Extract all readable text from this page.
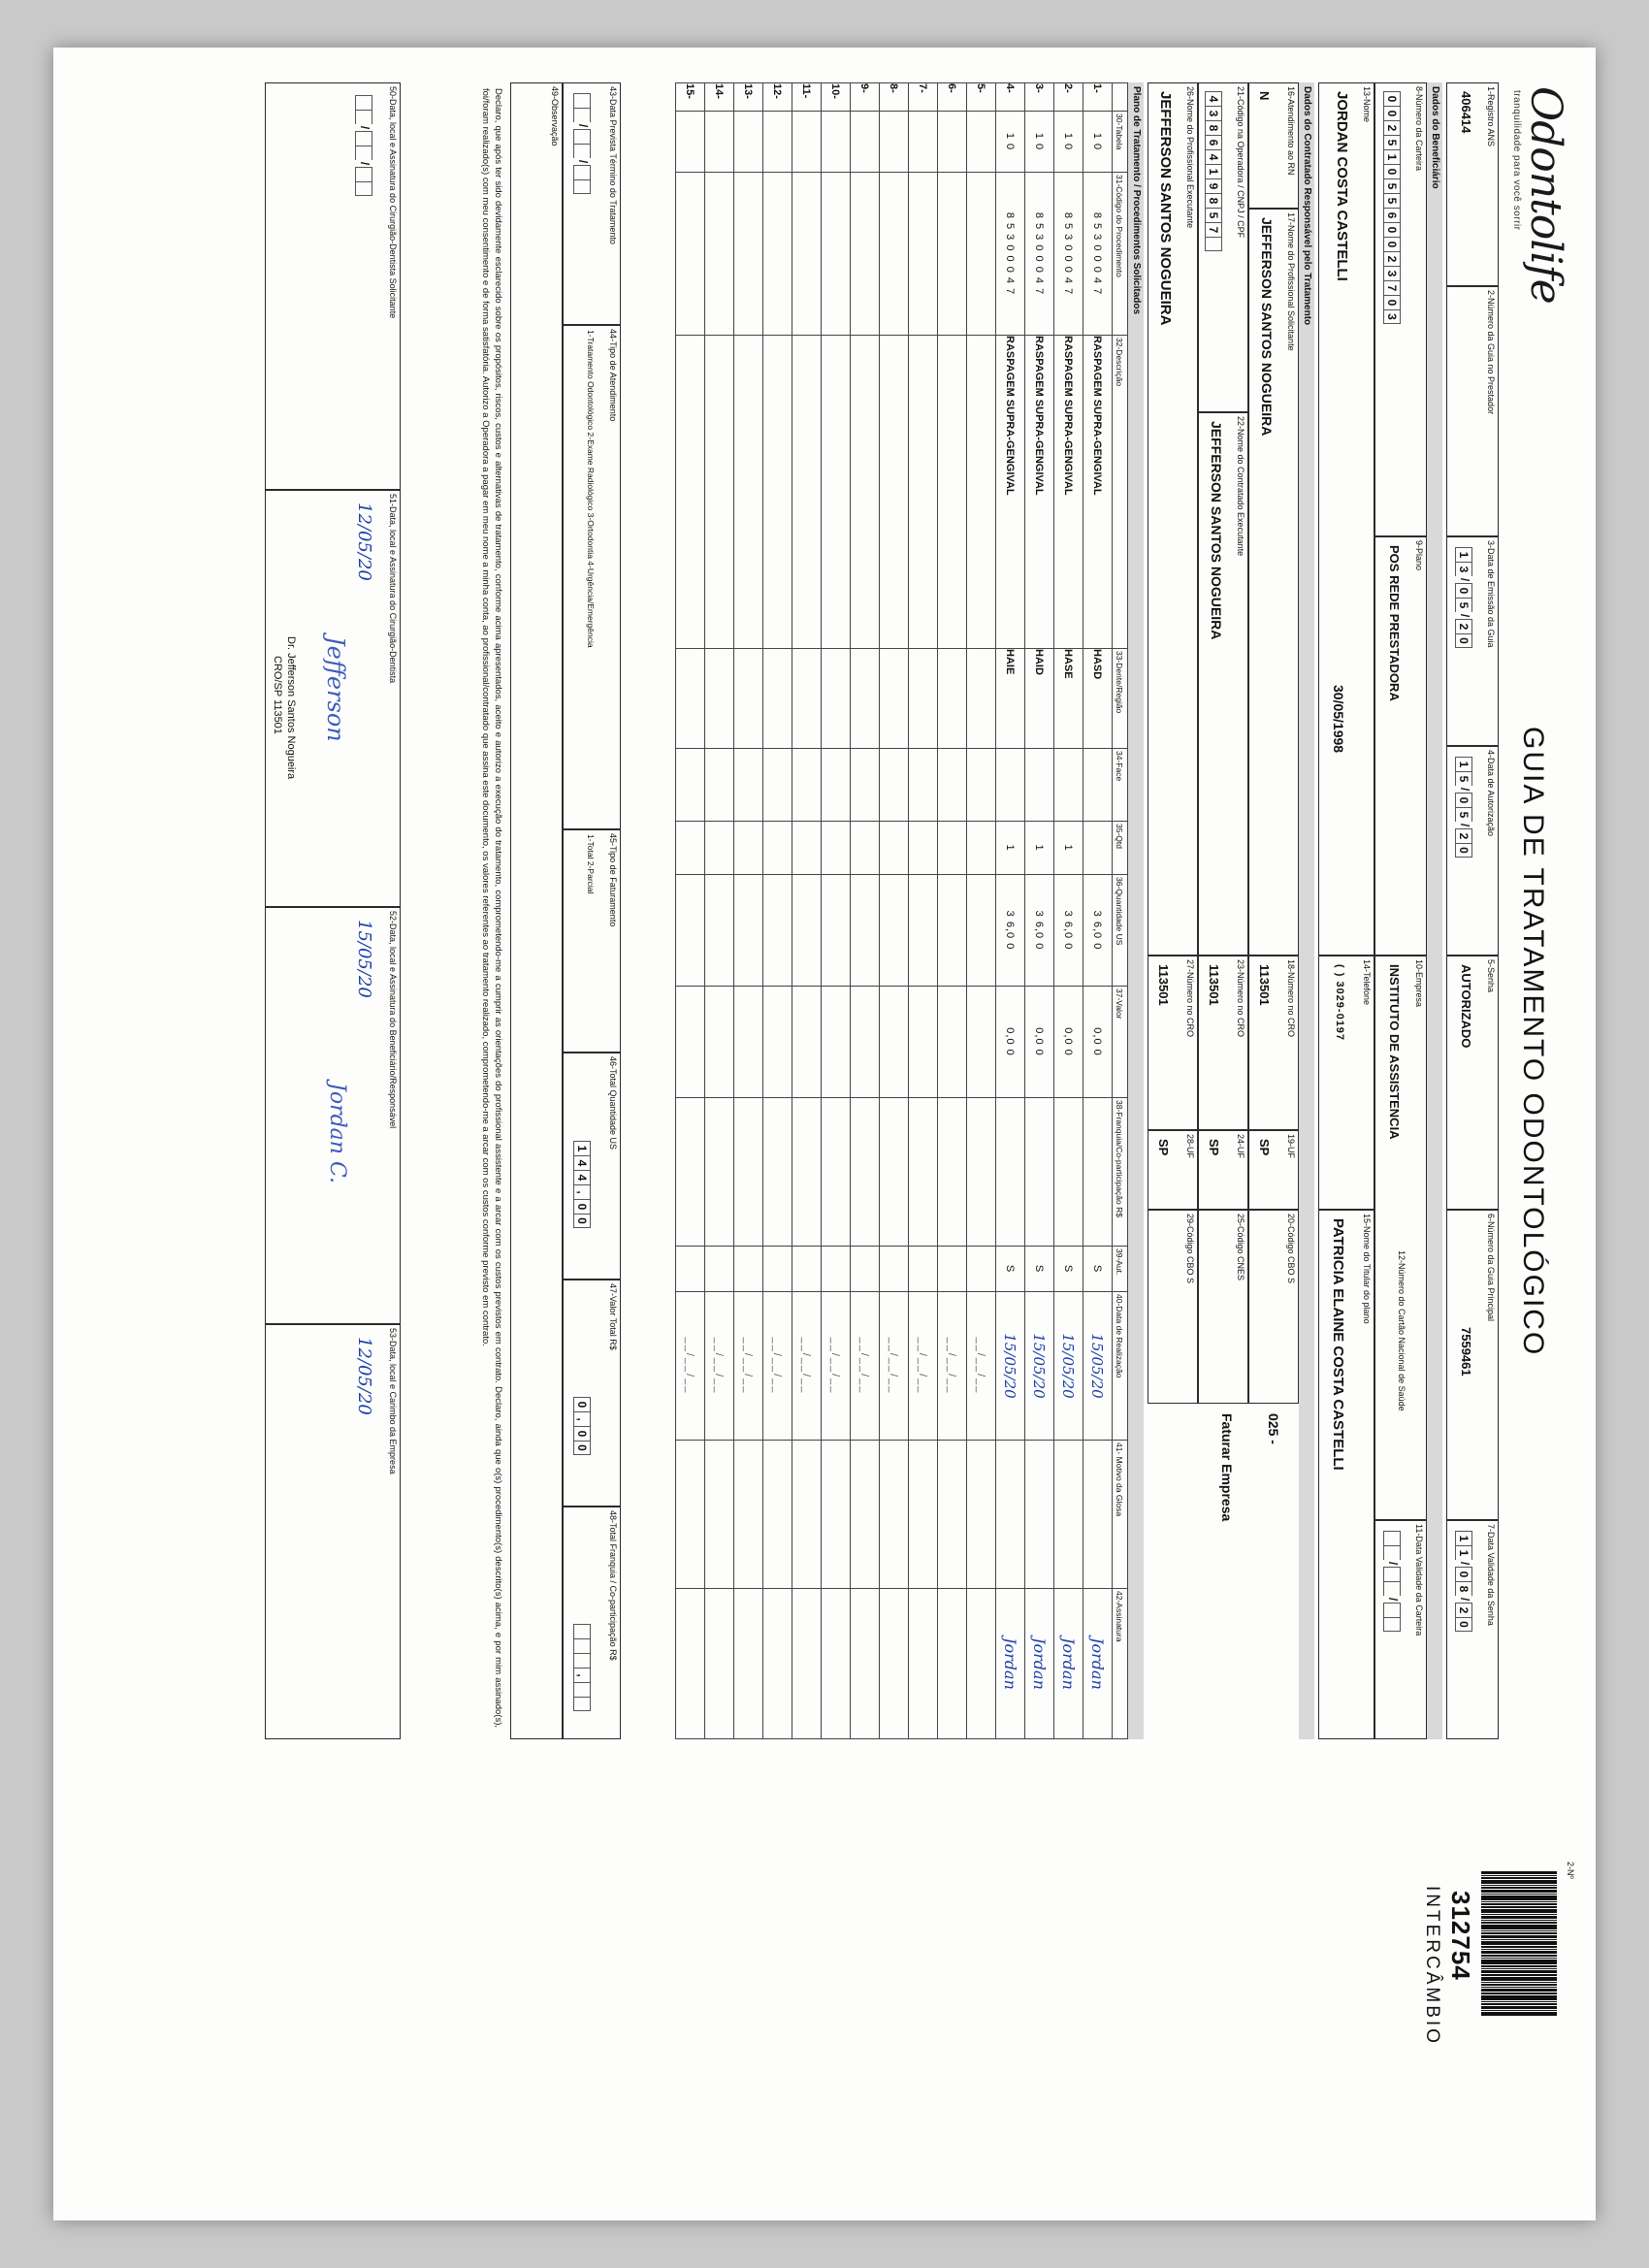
Odontolife
tranquilidade para você sorrir
GUIA DE TRATAMENTO ODONTOLÓGICO
2-Nº
312754
INTERCÂMBIO
1-Registro ANS
406414
2-Número da Guia no Prestador
3-Data de Emissão da Guia
1
3
/
0
5
/
2
0
4-Data de Autorização
1
5
/
0
5
/
2
0
5-Senha
AUTORIZADO
6-Número da Guia Principal
7559461
7-Data Validade da Senha
1
1
/
0
8
/
2
0
Dados do Beneficiário
8-Número da Carteira
0
0
2
5
1
0
5
5
6
0
0
2
3
7
0
3
9-Plano
POS REDE PRESTADORA
10-Empresa
INSTITUTO DE ASSISTENCIA
11-Data Validade da Carteira

/

/

13-Nome
JORDAN COSTA CASTELLI
30/05/1998
14-Telefone
( ) 3029-0197
15-Nome do Titular do plano
PATRICIA ELAINE COSTA CASTELLI	12-Número do Cartão Nacional de Saúde
Dados do Contratado Responsável pelo Tratamento
16-Atendimento ao RN
N
17-Nome do Profissional Solicitante
JEFFERSON SANTOS NOGUEIRA
18-Número no CRO
113501
19-UF
SP
20-Código CBO S
025 -
21-Código na Operadora / CNPJ / CPF
4
3
8
6
4
1
9
8
5
7

22-Nome do Contratado Executante
JEFFERSON SANTOS NOGUEIRA
23-Número no CRO
113501
24-UF
SP
25-Código CNES
Faturar Empresa
26-Nome do Profissional Executante
JEFFERSON SANTOS NOGUEIRA
27-Número no CRO
113501
28-UF
SP
29-Código CBO S
Plano de Tratamento / Procedimentos Solicitados
	30-Tabela	31-Código do Procedimento	32-Descrição	33-Dente/Região	34-Face	35-Qtd	36-Quantidade US	37-Valor	38-Franquia/Co-participação R$	39-Aut.	40-Data de Realização	41- Motivo da Glosa	42-Assinatura
1-	1 0	8 5 3 0 0 0 4 7	RASPAGEM SUPRA-GENGIVAL	HASD			3 6,0 0	0,0 0		S	15/05/20		Jordan
2-	1 0	8 5 3 0 0 0 4 7	RASPAGEM SUPRA-GENGIVAL	HASE		1	3 6,0 0	0,0 0		S	15/05/20		Jordan
3-	1 0	8 5 3 0 0 0 4 7	RASPAGEM SUPRA-GENGIVAL	HAID		1	3 6,0 0	0,0 0		S	15/05/20		Jordan
4-	1 0	8 5 3 0 0 0 4 7	RASPAGEM SUPRA-GENGIVAL	HAIE		1	3 6,0 0	0,0 0		S	15/05/20		Jordan
5-											__/__/__		
6-											__/__/__		
7-											__/__/__		
8-											__/__/__		
9-											__/__/__		
10-											__/__/__		
11-											__/__/__		
12-											__/__/__		
13-											__/__/__		
14-											__/__/__		
15-											__/__/__		
43-Data Prevista Término do Tratamento

/

/

44-Tipo de Atendimento
1-Tratamento Odontológico 2-Exame Radiológico 3-Ortodontia 4-Urgência/Emergência
45-Tipo de Faturamento
1-Total 2-Parcial
46-Total Quantidade US
1
4
4
,
0
0
47-Valor Total R$
0
,
0
0
48-Total Franquia / Co-participação R$

,

49-Observação
Declaro, que após ter sido devidamente esclarecido sobre os propósitos, riscos, custos e alternativas de tratamento, conforme acima apresentados, aceito e autorizo a execução do tratamento, comprometendo-me a cumprir as orientações do profissional assistente e a arcar com os custos previstos em contrato. Declaro, ainda que o(s) procedimento(s) descrito(s) acima, e por mim assinado(s), foi/foram realizado(s) com meu consentimento e de forma satisfatória. Autorizo a Operadora a pagar em meu nome a minha conta, ao profissional/contratado que assina este documento, os valores referentes ao tratamento realizado, comprometendo-me a arcar com os custos conforme previsto em contrato.
50-Data, local e Assinatura do Cirurgião-Dentista Solicitante

/

/

51-Data, local e Assinatura do Cirurgião-Dentista
12/05/20
Jefferson
Dr. Jefferson Santos Nogueira
CRO/SP 113501
52-Data, local e Assinatura do Beneficiário/Responsável
15/05/20
Jordan C.
53-Data, local e Carimbo da Empresa
12/05/20
